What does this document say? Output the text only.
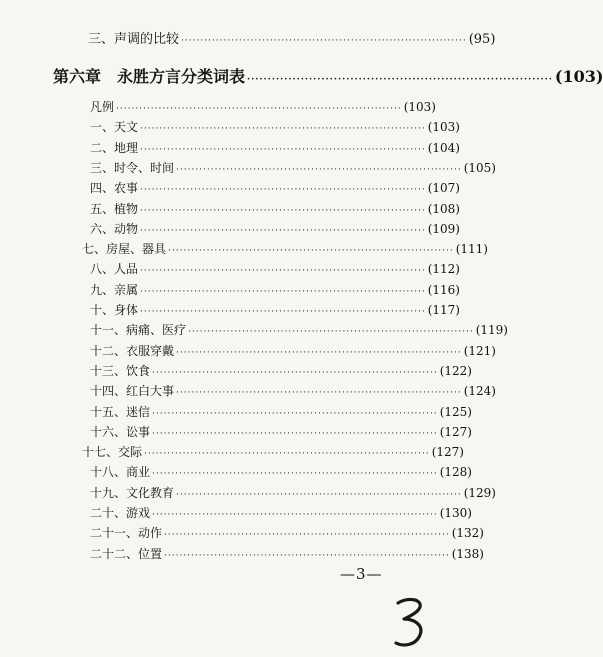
三、声调的比较 ·········································································· (95)
第六章　永胜方言分类词表 ·········································································· (103)
凡例 ·········································································· (103)
一、天文 ·········································································· (103)
二、地理 ·········································································· (104)
三、时令、时间 ·········································································· (105)
四、农事 ·········································································· (107)
五、植物 ·········································································· (108)
六、动物 ·········································································· (109)
七、房屋、器具 ·········································································· (111)
八、人品 ·········································································· (112)
九、亲属 ·········································································· (116)
十、身体 ·········································································· (117)
十一、病痛、医疗 ·········································································· (119)
十二、衣服穿戴 ·········································································· (121)
十三、饮食 ·········································································· (122)
十四、红白大事 ·········································································· (124)
十五、迷信 ·········································································· (125)
十六、讼事 ·········································································· (127)
十七、交际 ·········································································· (127)
十八、商业 ·········································································· (128)
十九、文化教育 ·········································································· (129)
二十、游戏 ·········································································· (130)
二十一、动作 ·········································································· (132)
二十二、位置 ·········································································· (138)
—3—
